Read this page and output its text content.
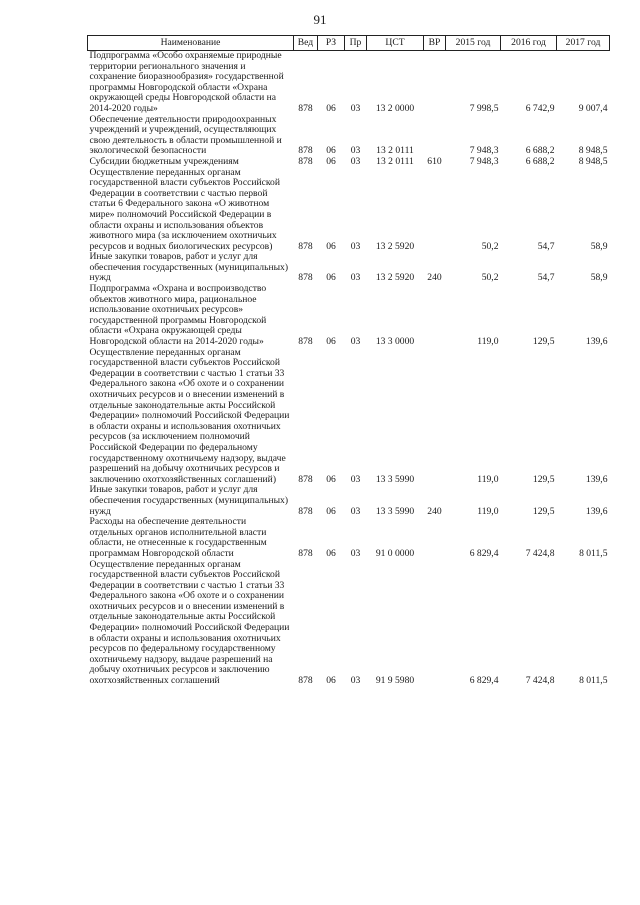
91
Наименование	Вед	РЗ	Пр	ЦСТ	ВР	2015 год	2016 год	2017 год
Подпрограмма «Особо охраняемые природные территории регионального значения и сохранение биоразнообразия» государственной программы Новгородской области «Охрана окружающей среды Новгородской области на 2014-2020 годы»	878	06	03	13 2 0000		7 998,5	6 742,9	9 007,4
Обеспечение деятельности природоохранных учреждений и учреждений, осуществляющих свою деятельность в области промышленной и экологической безопасности	878	06	03	13 2 0111		7 948,3	6 688,2	8 948,5
Субсидии бюджетным учреждениям	878	06	03	13 2 0111	610	7 948,3	6 688,2	8 948,5
Осуществление переданных органам государственной власти субъектов Российской Федерации в соответствии с частью первой статьи 6 Федерального закона «О животном мире» полномочий Российской Федерации в области охраны и использования объектов животного мира (за исключением охотничьих ресурсов и водных биологических ресурсов)	878	06	03	13 2 5920		50,2	54,7	58,9
Иные закупки товаров, работ и услуг для обеспечения государственных (муниципальных) нужд	878	06	03	13 2 5920	240	50,2	54,7	58,9
Подпрограмма «Охрана и воспроизводство объектов животного мира, рациональное использование охотничьих ресурсов» государственной программы Новгородской области «Охрана окружающей среды Новгородской области на 2014-2020 годы»	878	06	03	13 3 0000		119,0	129,5	139,6
Осуществление переданных органам государственной власти субъектов Российской Федерации в соответствии с частью 1 статьи 33 Федерального закона «Об охоте и о сохранении охотничьих ресурсов и о внесении изменений в отдельные законодательные акты Российской Федерации» полномочий Российской Федерации в области охраны и использования охотничьих ресурсов (за исключением полномочий Российской Федерации по федеральному государственному охотничьему надзору, выдаче разрешений на добычу охотничьих ресурсов и заключению охотхозяйственных соглашений)	878	06	03	13 3 5990		119,0	129,5	139,6
Иные закупки товаров, работ и услуг для обеспечения государственных (муниципальных) нужд	878	06	03	13 3 5990	240	119,0	129,5	139,6
Расходы на обеспечение деятельности отдельных органов исполнительной власти области, не отнесенные к государственным программам Новгородской области	878	06	03	91 0 0000		6 829,4	7 424,8	8 011,5
Осуществление переданных органам государственной власти субъектов Российской Федерации в соответствии с частью 1 статьи 33 Федерального закона «Об охоте и о сохранении охотничьих ресурсов и о внесении изменений в отдельные законодательные акты Российской Федерации» полномочий Российской Федерации в области охраны и использования охотничьих ресурсов по федеральному государственному охотничьему надзору, выдаче разрешений на добычу охотничьих ресурсов и заключению охотхозяйственных соглашений	878	06	03	91 9 5980		6 829,4	7 424,8	8 011,5
